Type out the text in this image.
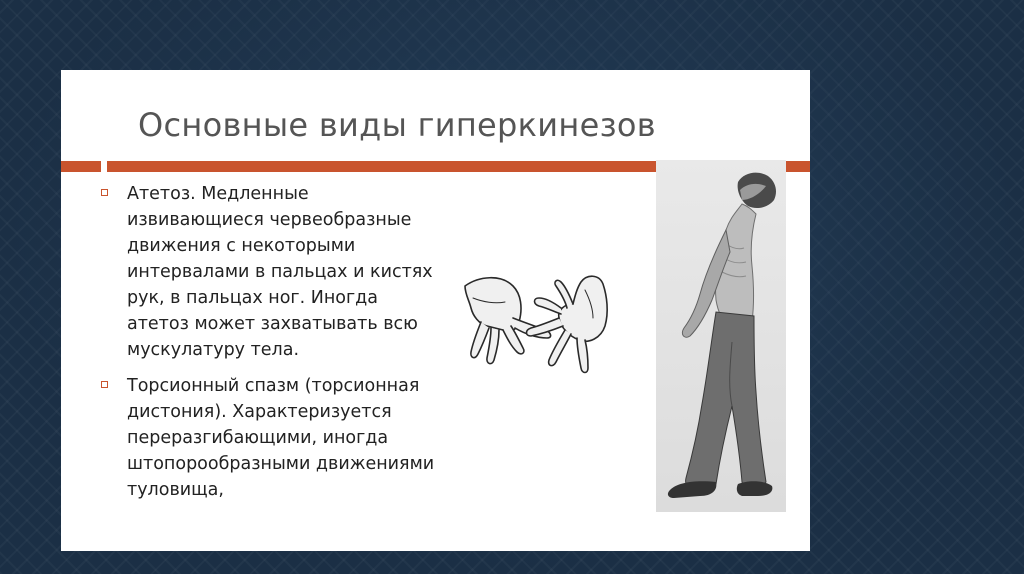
Основные виды гиперкинезов
Атетоз. Медленные извивающиеся червеобразные движения с некоторыми интервалами в пальцах и кистях рук, в пальцах ног. Иногда атетоз может захватывать всю мускулатуру тела.
Торсионный спазм (торсионная дистония). Характеризуется переразгибающими, иногда штопорообразными движениями туловища,
